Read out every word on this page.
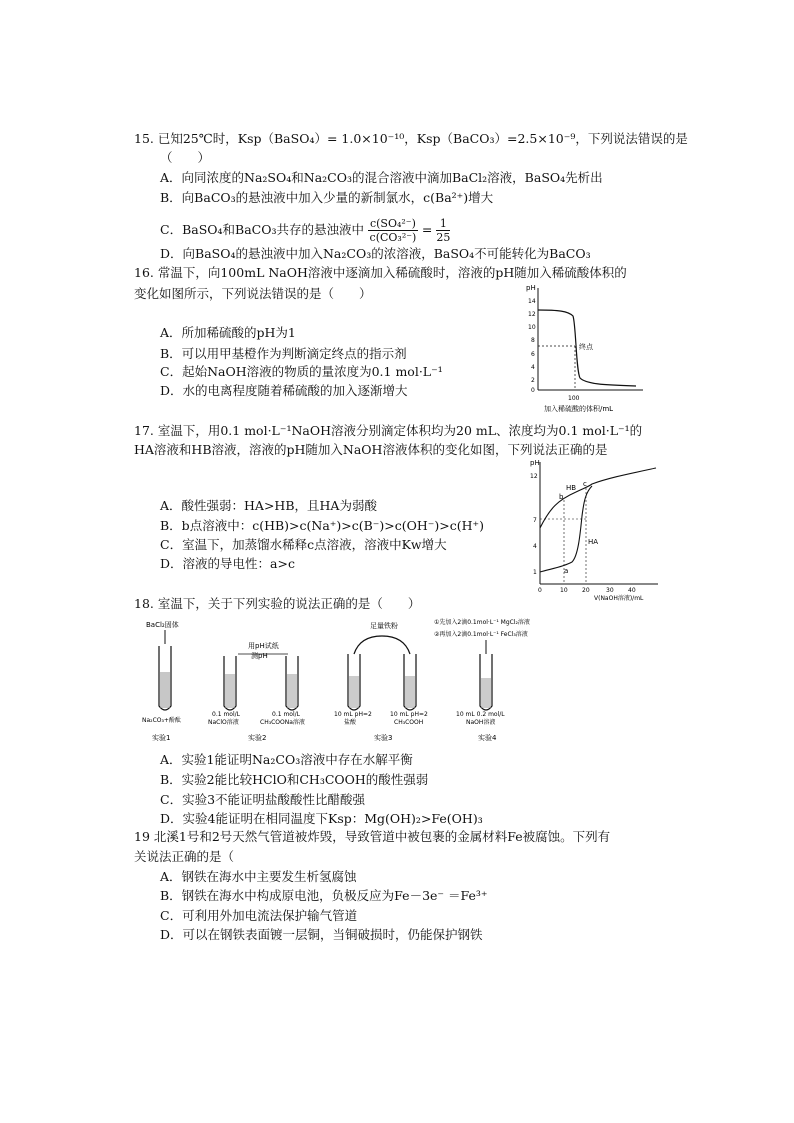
15. 已知25℃时，Ksp（BaSO₄）= 1.0×10⁻¹⁰，Ksp（BaCO₃）=2.5×10⁻⁹，下列说法错误的是
（　　）
A．向同浓度的Na₂SO₄和Na₂CO₃的混合溶液中滴加BaCl₂溶液，BaSO₄先析出
B．向BaCO₃的悬浊液中加入少量的新制氯水，c(Ba²⁺)增大
C．BaSO₄和BaCO₃共存的悬浊液中 $\frac{\text{c(SO₄²⁻)}}{\text{c(CO₃²⁻)}} = \frac{1}{25}$
D．向BaSO₄的悬浊液中加入Na₂CO₃的浓溶液，BaSO₄不可能转化为BaCO₃
16. 常温下，向100mL NaOH溶液中逐滴加入稀硫酸时，溶液的pH随加入稀硫酸体积的
变化如图所示，下列说法错误的是（　　）
A．所加稀硫酸的pH为1
B．可以用甲基橙作为判断滴定终点的指示剂
C．起始NaOH溶液的物质的量浓度为0.1 mol·L⁻¹
D．水的电离程度随着稀硫酸的加入逐渐增大
pH
14
12
10
8
6
4
2
0
终点
100
加入稀硫酸的体积/mL
17. 室温下，用0.1 mol·L⁻¹NaOH溶液分别滴定体积均为20 mL、浓度均为0.1 mol·L⁻¹的
HA溶液和HB溶液，溶液的pH随加入NaOH溶液体积的变化如图，下列说法正确的是
A．酸性强弱：HA>HB，且HA为弱酸
B．b点溶液中：c(HB)>c(Na⁺)>c(B⁻)>c(OH⁻)>c(H⁺)
C．室温下，加蒸馏水稀释c点溶液，溶液中Kw增大
D．溶液的导电性：a>c
pH
12
7
4
1
HB c
b
a
HA
0	10 20	30 40
V(NaOH溶液)/mL
18. 室温下，关于下列实验的说法正确的是（　　）
BaCl₂固体
Na₂CO₃+酚酞
实验1
用pH试纸
测pH
0.1 mol/L
NaClO溶液
0.1 mol/L
CH₃COONa溶液
实验2
足量铁粉
10 mL pH=2
盐酸
10 mL pH=2
CH₃COOH
实验3
①先加入2滴0.1mol·L⁻¹ MgCl₂溶液
②再加入2滴0.1mol·L⁻¹ FeCl₃溶液
10 mL 0.2 mol/L
NaOH溶液
实验4
A．实验1能证明Na₂CO₃溶液中存在水解平衡
B．实验2能比较HClO和CH₃COOH的酸性强弱
C．实验3不能证明盐酸酸性比醋酸强
D．实验4能证明在相同温度下Ksp：Mg(OH)₂>Fe(OH)₃
19 北溪1号和2号天然气管道被炸毁，导致管道中被包裹的金属材料Fe被腐蚀。下列有
关说法正确的是（
A．钢铁在海水中主要发生析氢腐蚀
B．钢铁在海水中构成原电池，负极反应为Fe－3e⁻ ＝Fe³⁺
C．可利用外加电流法保护输气管道
D．可以在钢铁表面镀一层铜，当铜破损时，仍能保护钢铁
